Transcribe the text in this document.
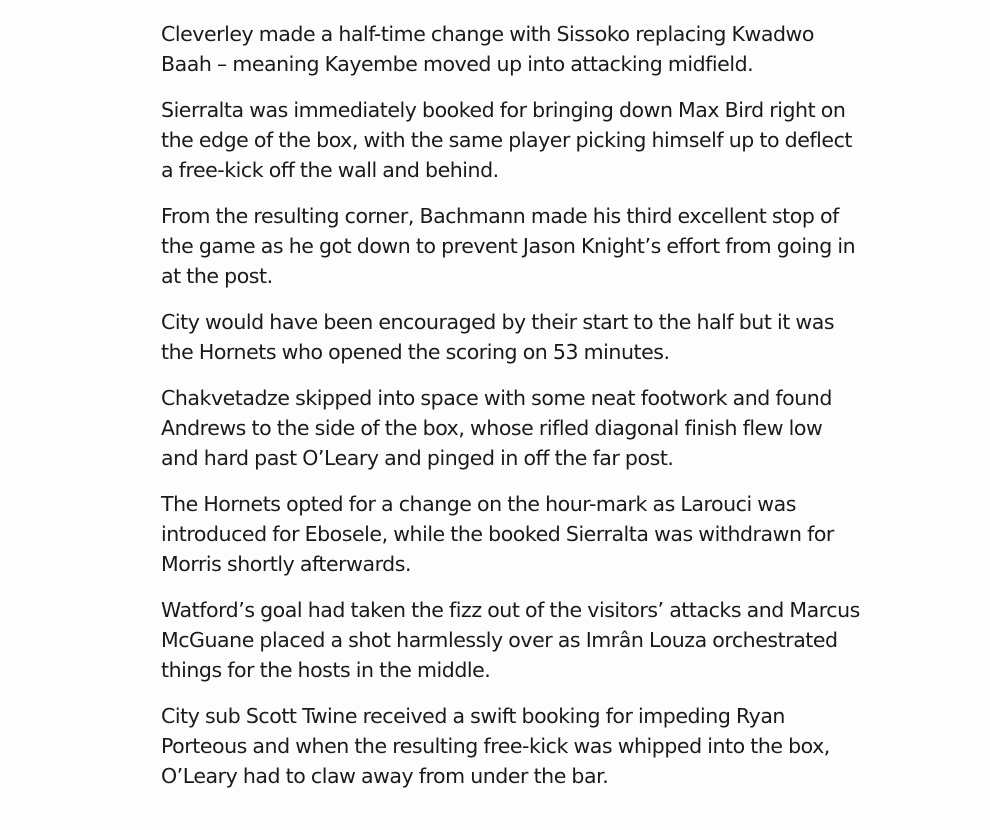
Cleverley made a half-time change with Sissoko replacing Kwadwo Baah – meaning Kayembe moved up into attacking midfield.

Sierralta was immediately booked for bringing down Max Bird right on the edge of the box, with the same player picking himself up to deflect a free-kick off the wall and behind.

From the resulting corner, Bachmann made his third excellent stop of the game as he got down to prevent Jason Knight’s effort from going in at the post.

City would have been encouraged by their start to the half but it was the Hornets who opened the scoring on 53 minutes.

Chakvetadze skipped into space with some neat footwork and found Andrews to the side of the box, whose rifled diagonal finish flew low and hard past O’Leary and pinged in off the far post.

The Hornets opted for a change on the hour-mark as Larouci was introduced for Ebosele, while the booked Sierralta was withdrawn for Morris shortly afterwards.

Watford’s goal had taken the fizz out of the visitors’ attacks and Marcus McGuane placed a shot harmlessly over as Imrân Louza orchestrated things for the hosts in the middle.

City sub Scott Twine received a swift booking for impeding Ryan Porteous and when the resulting free-kick was whipped into the box, O’Leary had to claw away from under the bar.
